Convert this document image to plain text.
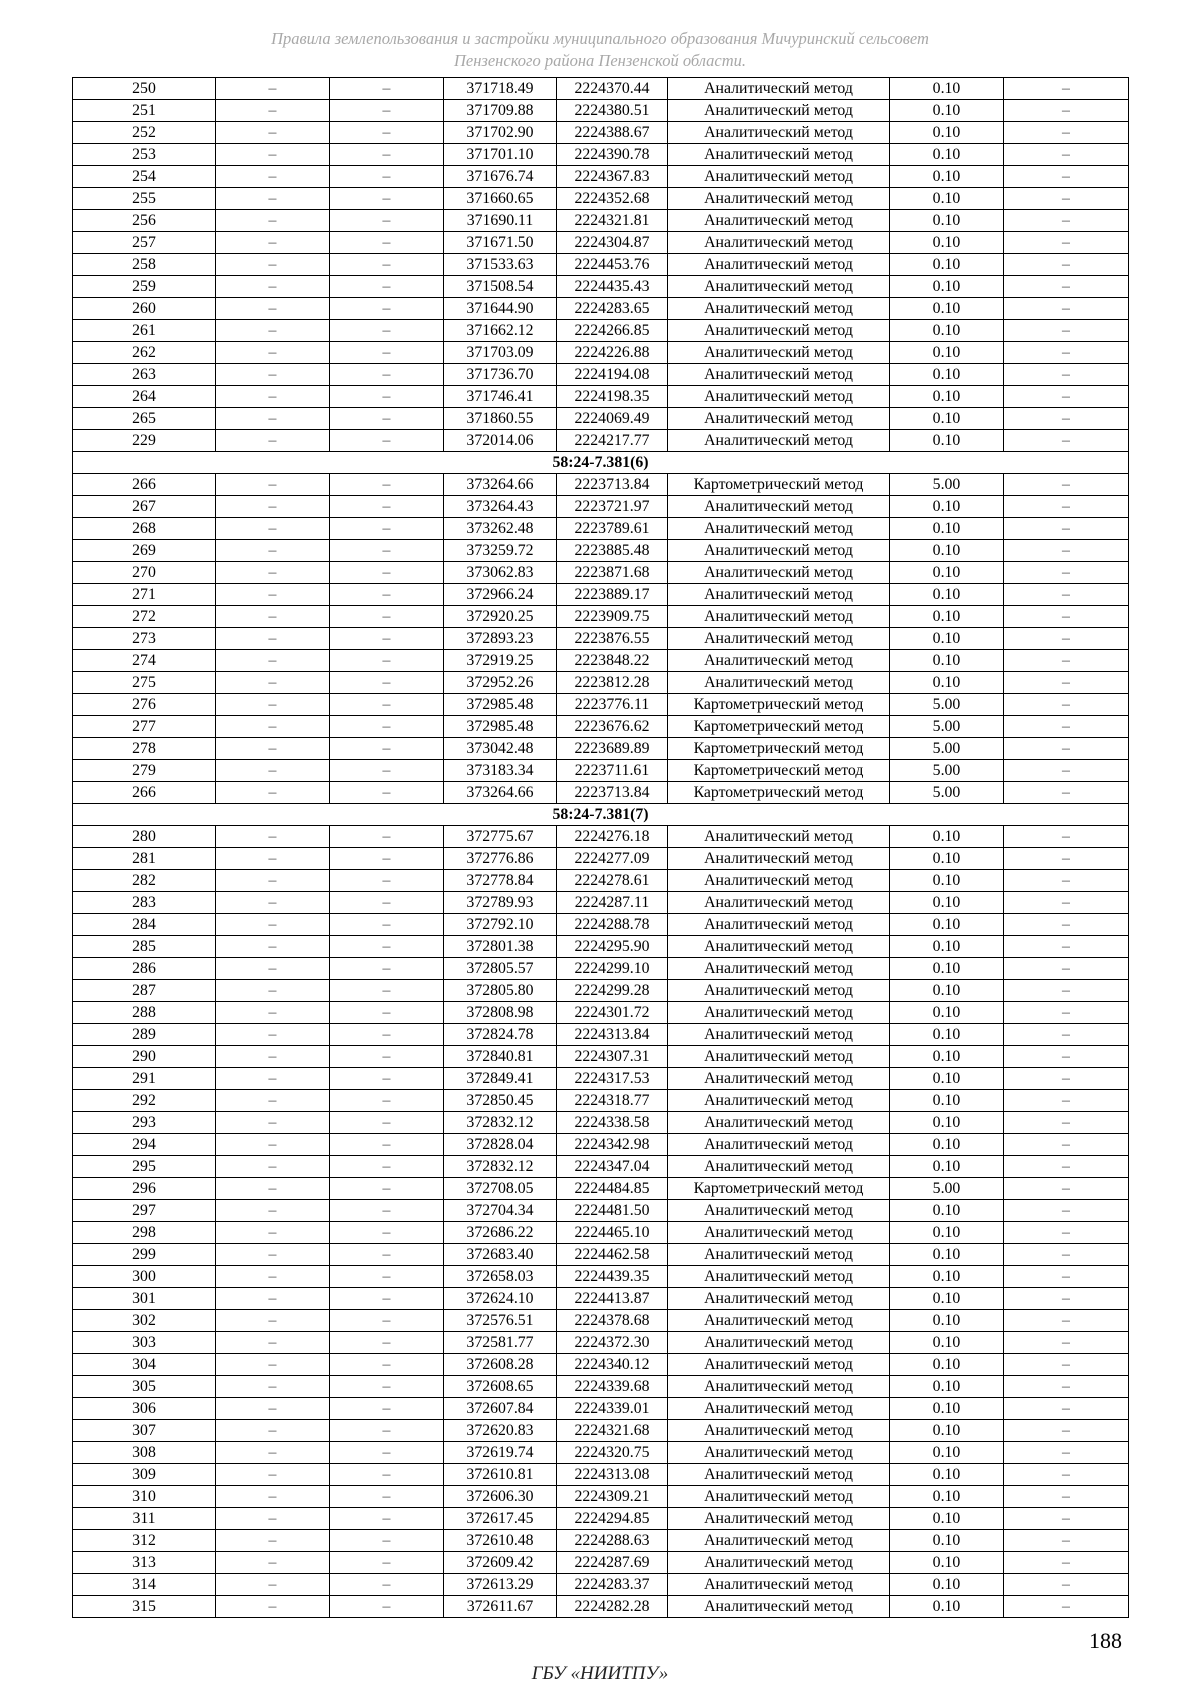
Правила землепользования и застройки муниципального образования Мичуринский сельсовет
Пензенского района Пензенской области.
250	–	–	371718.49	2224370.44	Аналитический метод	0.10	–
251	–	–	371709.88	2224380.51	Аналитический метод	0.10	–
252	–	–	371702.90	2224388.67	Аналитический метод	0.10	–
253	–	–	371701.10	2224390.78	Аналитический метод	0.10	–
254	–	–	371676.74	2224367.83	Аналитический метод	0.10	–
255	–	–	371660.65	2224352.68	Аналитический метод	0.10	–
256	–	–	371690.11	2224321.81	Аналитический метод	0.10	–
257	–	–	371671.50	2224304.87	Аналитический метод	0.10	–
258	–	–	371533.63	2224453.76	Аналитический метод	0.10	–
259	–	–	371508.54	2224435.43	Аналитический метод	0.10	–
260	–	–	371644.90	2224283.65	Аналитический метод	0.10	–
261	–	–	371662.12	2224266.85	Аналитический метод	0.10	–
262	–	–	371703.09	2224226.88	Аналитический метод	0.10	–
263	–	–	371736.70	2224194.08	Аналитический метод	0.10	–
264	–	–	371746.41	2224198.35	Аналитический метод	0.10	–
265	–	–	371860.55	2224069.49	Аналитический метод	0.10	–
229	–	–	372014.06	2224217.77	Аналитический метод	0.10	–
58:24-7.381(6)							
266	–	–	373264.66	2223713.84	Картометрический метод	5.00	–
267	–	–	373264.43	2223721.97	Аналитический метод	0.10	–
268	–	–	373262.48	2223789.61	Аналитический метод	0.10	–
269	–	–	373259.72	2223885.48	Аналитический метод	0.10	–
270	–	–	373062.83	2223871.68	Аналитический метод	0.10	–
271	–	–	372966.24	2223889.17	Аналитический метод	0.10	–
272	–	–	372920.25	2223909.75	Аналитический метод	0.10	–
273	–	–	372893.23	2223876.55	Аналитический метод	0.10	–
274	–	–	372919.25	2223848.22	Аналитический метод	0.10	–
275	–	–	372952.26	2223812.28	Аналитический метод	0.10	–
276	–	–	372985.48	2223776.11	Картометрический метод	5.00	–
277	–	–	372985.48	2223676.62	Картометрический метод	5.00	–
278	–	–	373042.48	2223689.89	Картометрический метод	5.00	–
279	–	–	373183.34	2223711.61	Картометрический метод	5.00	–
266	–	–	373264.66	2223713.84	Картометрический метод	5.00	–
58:24-7.381(7)							
280	–	–	372775.67	2224276.18	Аналитический метод	0.10	–
281	–	–	372776.86	2224277.09	Аналитический метод	0.10	–
282	–	–	372778.84	2224278.61	Аналитический метод	0.10	–
283	–	–	372789.93	2224287.11	Аналитический метод	0.10	–
284	–	–	372792.10	2224288.78	Аналитический метод	0.10	–
285	–	–	372801.38	2224295.90	Аналитический метод	0.10	–
286	–	–	372805.57	2224299.10	Аналитический метод	0.10	–
287	–	–	372805.80	2224299.28	Аналитический метод	0.10	–
288	–	–	372808.98	2224301.72	Аналитический метод	0.10	–
289	–	–	372824.78	2224313.84	Аналитический метод	0.10	–
290	–	–	372840.81	2224307.31	Аналитический метод	0.10	–
291	–	–	372849.41	2224317.53	Аналитический метод	0.10	–
292	–	–	372850.45	2224318.77	Аналитический метод	0.10	–
293	–	–	372832.12	2224338.58	Аналитический метод	0.10	–
294	–	–	372828.04	2224342.98	Аналитический метод	0.10	–
295	–	–	372832.12	2224347.04	Аналитический метод	0.10	–
296	–	–	372708.05	2224484.85	Картометрический метод	5.00	–
297	–	–	372704.34	2224481.50	Аналитический метод	0.10	–
298	–	–	372686.22	2224465.10	Аналитический метод	0.10	–
299	–	–	372683.40	2224462.58	Аналитический метод	0.10	–
300	–	–	372658.03	2224439.35	Аналитический метод	0.10	–
301	–	–	372624.10	2224413.87	Аналитический метод	0.10	–
302	–	–	372576.51	2224378.68	Аналитический метод	0.10	–
303	–	–	372581.77	2224372.30	Аналитический метод	0.10	–
304	–	–	372608.28	2224340.12	Аналитический метод	0.10	–
305	–	–	372608.65	2224339.68	Аналитический метод	0.10	–
306	–	–	372607.84	2224339.01	Аналитический метод	0.10	–
307	–	–	372620.83	2224321.68	Аналитический метод	0.10	–
308	–	–	372619.74	2224320.75	Аналитический метод	0.10	–
309	–	–	372610.81	2224313.08	Аналитический метод	0.10	–
310	–	–	372606.30	2224309.21	Аналитический метод	0.10	–
311	–	–	372617.45	2224294.85	Аналитический метод	0.10	–
312	–	–	372610.48	2224288.63	Аналитический метод	0.10	–
313	–	–	372609.42	2224287.69	Аналитический метод	0.10	–
314	–	–	372613.29	2224283.37	Аналитический метод	0.10	–
315	–	–	372611.67	2224282.28	Аналитический метод	0.10	–
188
ГБУ «НИИТПУ»
